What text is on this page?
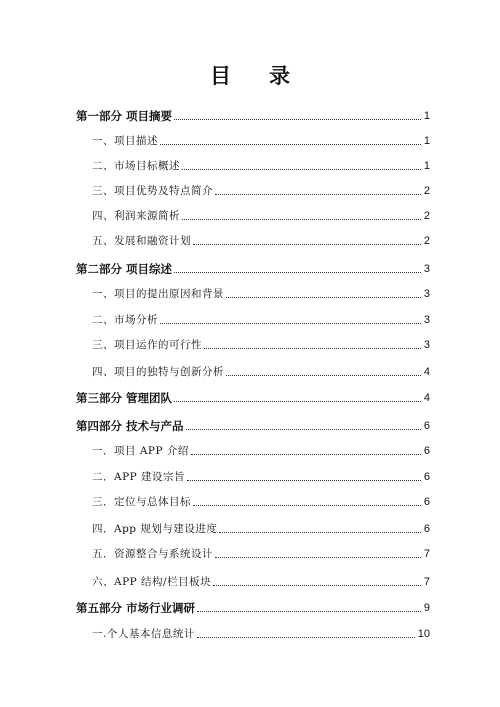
目 录
第一部分 项目摘要	1
一、项目描述	1
二、市场目标概述	1
三、项目优势及特点简介	2
四、利润来源简析	2
五、发展和融资计划	2
第二部分 项目综述	3
一、项目的提出原因和背景	3
二、市场分析	3
三、项目运作的可行性	3
四、项目的独特与创新分析	4
第三部分 管理团队	4
第四部分 技术与产品	6
一．项目 APP 介绍	6
二．APP 建设宗旨	6
三．定位与总体目标	6
四．App 规划与建设进度	6
五．资源整合与系统设计	7
六、APP 结构/栏目板块	7
第五部分 市场行业调研	9
一.个人基本信息统计	10
